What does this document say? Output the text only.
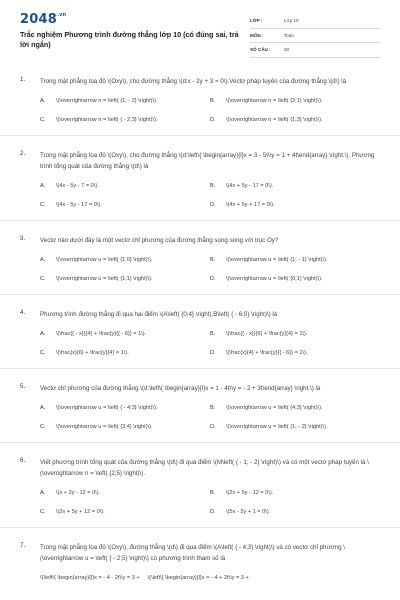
$2048^{.vn}$
Trắc nghiệm Phương trình đường thẳng lớp 10 (có đúng sai, trả lời ngắn)
LỚP :	Lớp 10
MÔN :	Toán
SỐ CÂU :	20
1. Trong mặt phẳng tọa độ \(Oxy\), cho đường thẳng \(d:x - 2y + 3 = 0\).Vectơ pháp tuyến của đường thẳng \(d\) là
A.	\(\overrightarrow n = \left( {1; - 2} \right)\).	B.	\(\overrightarrow n = \left( {2;1} \right)\).
C.	\(\overrightarrow n = \left( { - 2;3} \right)\).	D.	\(\overrightarrow n = \left( {1;3} \right)\).
2. Trong mặt phẳng tọa độ \(Oxy\), cho đường thẳng \(d:\left\{ \begin{array}{l}x = 3 - 5t\\y = 1 + 4t\end{array} \right.\). Phương trình tổng quát của đường thẳng \(d\) là
A.	\(4x - 5y - 7 = 0\).	B.	\(4x + 5y - 17 = 0\).
C.	\(4x - 5y - 17 = 0\).	D.	\(4x + 5y + 17 = 0\).
3. Vectơ nào dưới đây là một vectơ chỉ phương của đường thẳng song song với trục Oy?
A.	\(\overrightarrow u = \left( {1;0} \right)\).	B.	\(\overrightarrow u = \left( {1; - 1} \right)\).
C.	\(\overrightarrow u = \left( {1;1} \right)\).	D.	\(\overrightarrow u = \left( {0;1} \right)\).
4. Phương trình đường thẳng đi qua hai điểm \(A\left( {0;4} \right),B\left( { - 6;0} \right)\) là
A.	\(\frac{{ - x}}{4} + \frac{y}{{ - 6}} = 1\).	B.	\(\frac{{ - x}}{6} + \frac{y}{4} = 1\).
C.	\(\frac{x}{6} + \frac{y}{4} = 1\).	D.	\(\frac{x}{4} + \frac{y}{{ - 6}} = 1\).
5. Vectơ chỉ phương của đường thẳng \(d:\left\{ \begin{array}{l}x = 1 - 4t\\y = - 2 + 3t\end{array} \right.\) là
A.	\(\overrightarrow u = \left( { - 4;3} \right)\).	B.	\(\overrightarrow u = \left( {4;3} \right)\).
C.	\(\overrightarrow u = \left( {3;4} \right)\).	D.	\(\overrightarrow u = \left( {1; - 2} \right)\).
6. Viết phương trình tổng quát của đường thẳng \(d\) đi qua điểm \(M\left( { - 1; - 2} \right)\) và có một vectơ pháp tuyến là \(\overrightarrow n = \left( {2;5} \right)\).
A.	\(x + 2y - 12 = 0\).	B.	\(2x + 5y - 12 = 0\).
C.	\(2x + 5y + 12 = 0\).	D.	\(5x - 2y + 1 = 0\).
7. Trong mặt phẳng tọa độ \(Oxy\), đường thẳng \(d\) đi qua điểm \(A\left( { - 4;3} \right)\) và có vectơ chỉ phương \(\overrightarrow u = \left( { - 2;5} \right)\) có phương trình tham số là
\(\left\{ \begin{array}{l}x = - 4 - 2t\\y = 3 + \(\left\{ \begin{array}{l}x = - 4 + 2t\\y = 3 +
